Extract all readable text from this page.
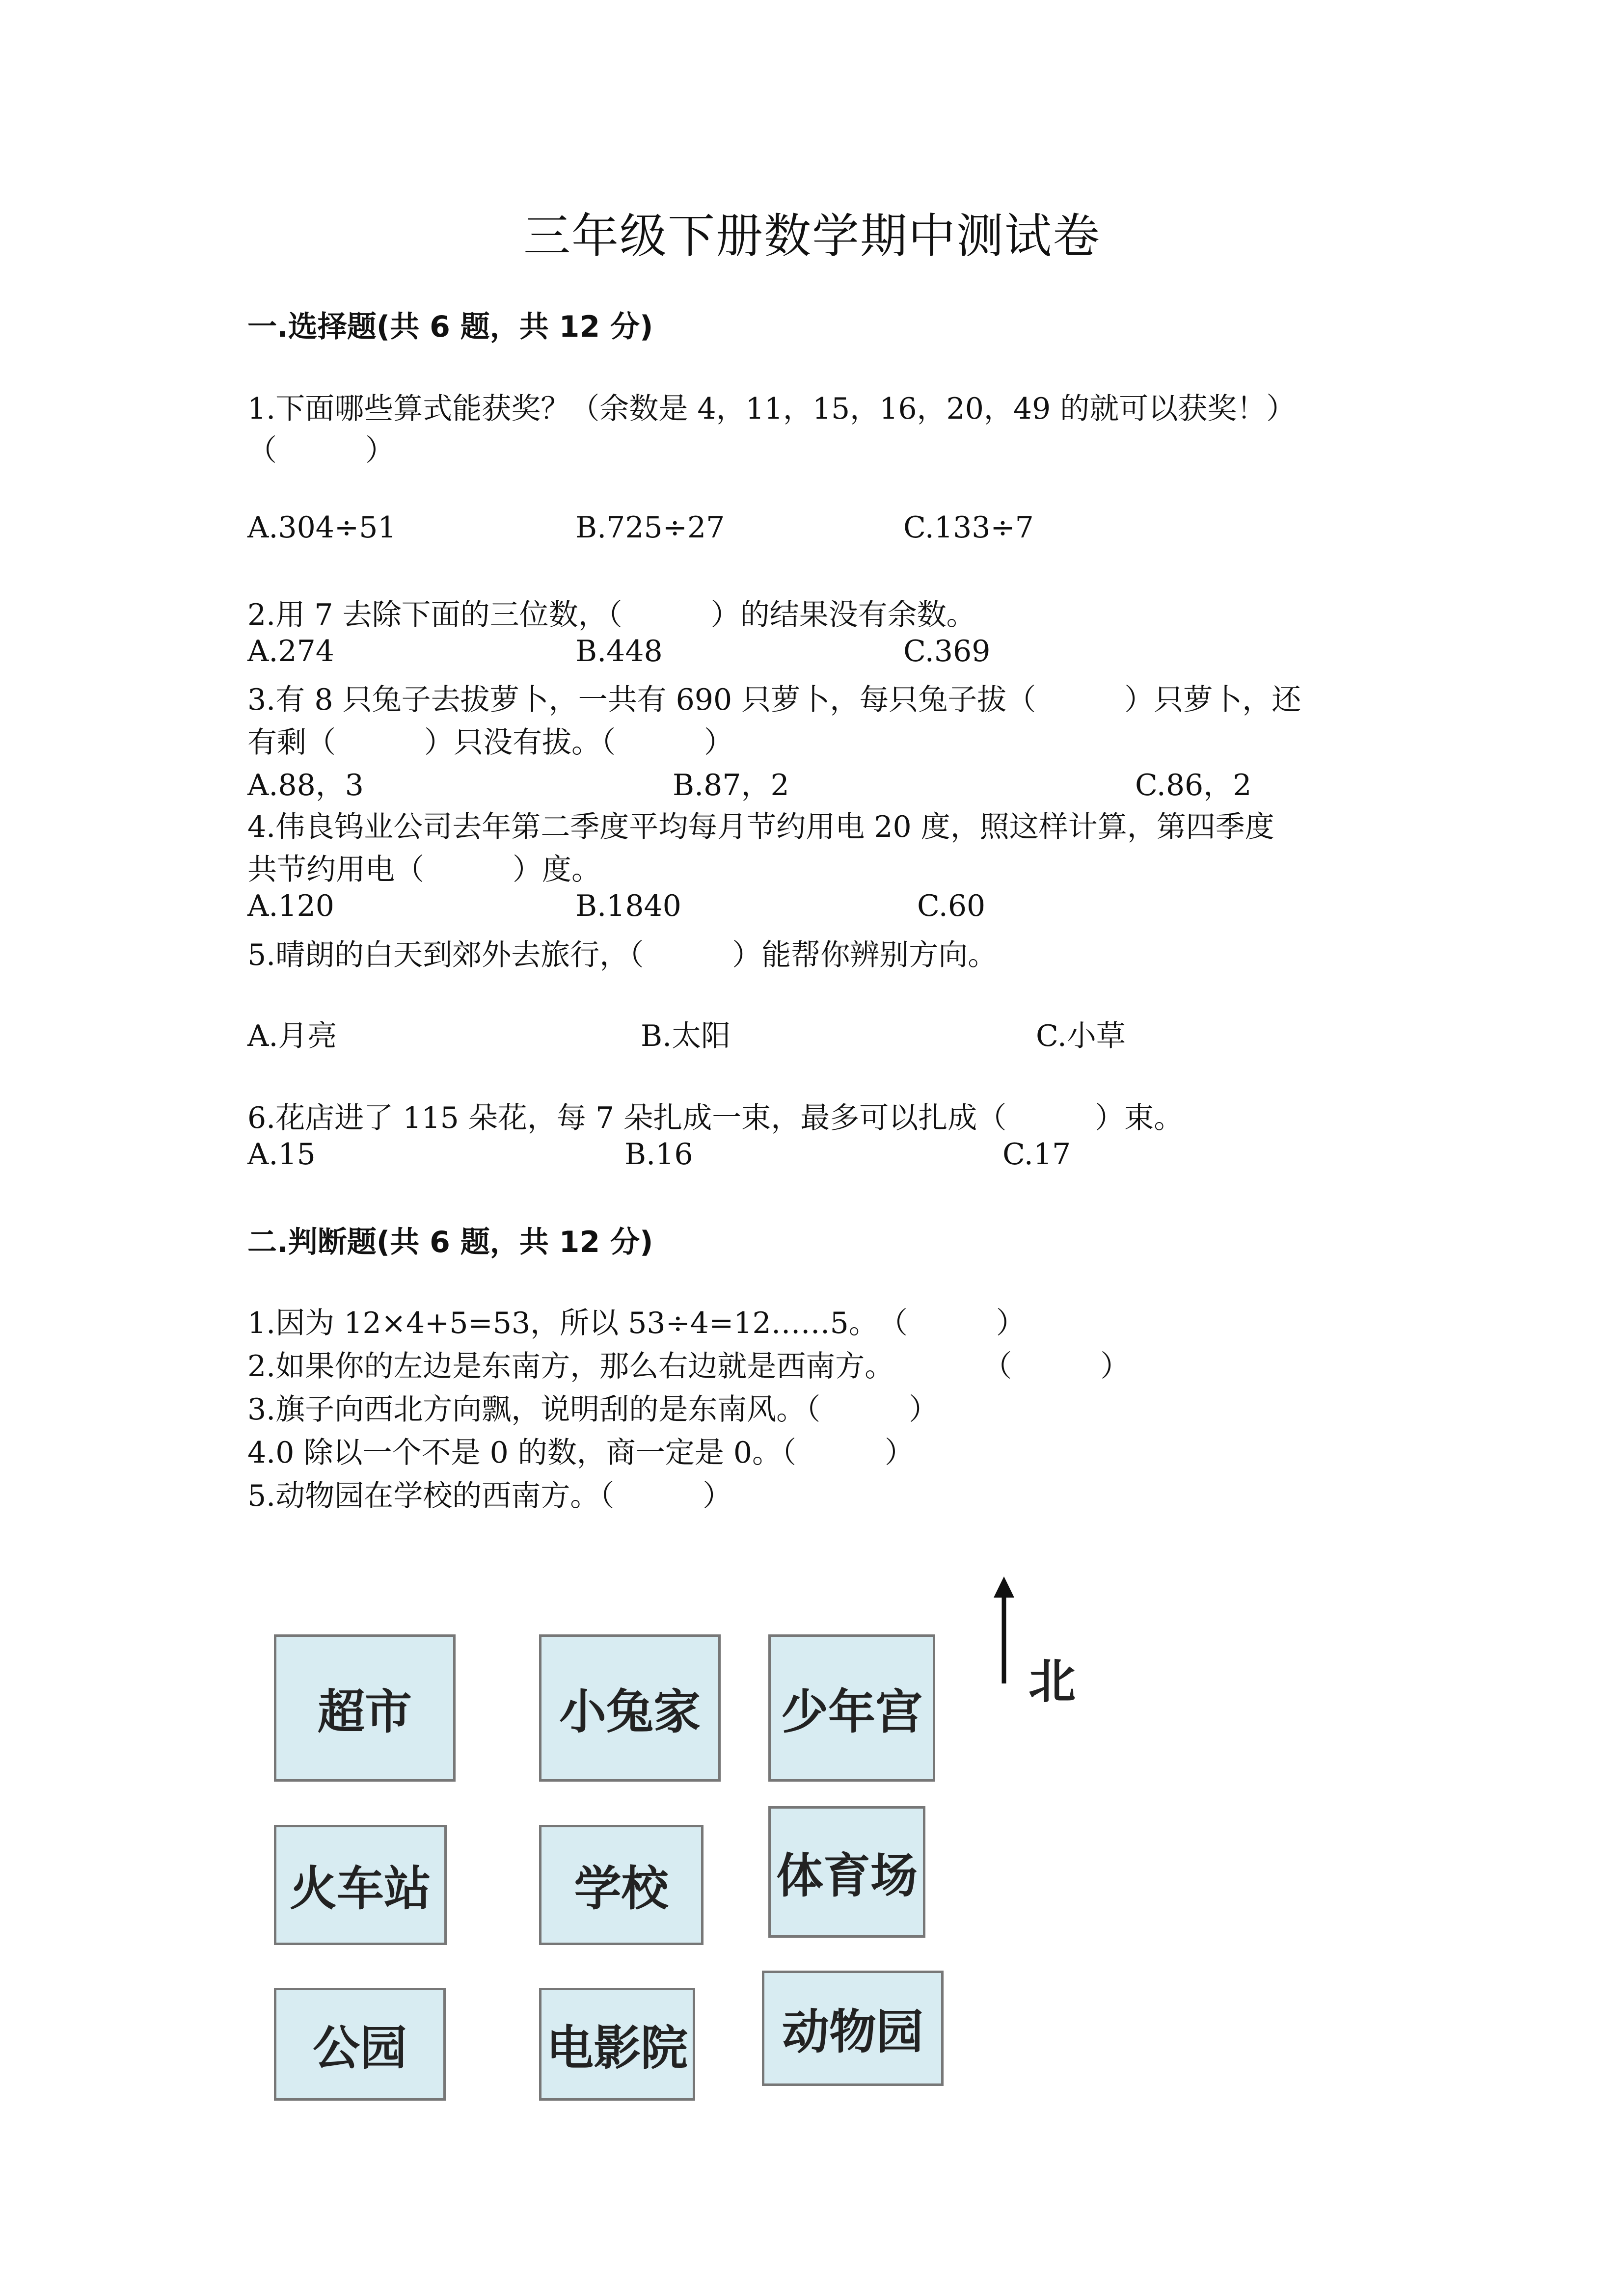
三年级下册数学期中测试卷
一.选择题(共 6 题，共 12 分)
1.下面哪些算式能获奖？（余数是 4，11，15，16，20，49 的就可以获奖！）
（　　　）
A.304÷51	B.725÷27	C.133÷7
2.用 7 去除下面的三位数，（　　　）的结果没有余数。
A.274	B.448	C.369
3.有 8 只兔子去拔萝卜，一共有 690 只萝卜，每只兔子拔（　　　）只萝卜，还
有剩（　　　）只没有拔。（　　　）
A.88，3	B.87，2	C.86，2
4.伟良钨业公司去年第二季度平均每月节约用电 20 度，照这样计算，第四季度
共节约用电（　　　）度。
A.120	B.1840	C.60
5.晴朗的白天到郊外去旅行，（　　　）能帮你辨别方向。
A.月亮	B.太阳	C.小草
6.花店进了 115 朵花，每 7 朵扎成一束，最多可以扎成（　　　）束。
A.15	B.16	C.17
二.判断题(共 6 题，共 12 分)
1.因为 12×4+5=53，所以 53÷4=12……5。　（　　　）
2.如果你的左边是东南方，那么右边就是西南方。　　　　（　　　）
3.旗子向西北方向飘，说明刮的是东南风。（　　　）
4.0 除以一个不是 0 的数，商一定是 0。（　　　）
5.动物园在学校的西南方。（　　　）
北
超市	小兔家	少年宫
火车站	学校	体育场
公园	电影院	动物园
